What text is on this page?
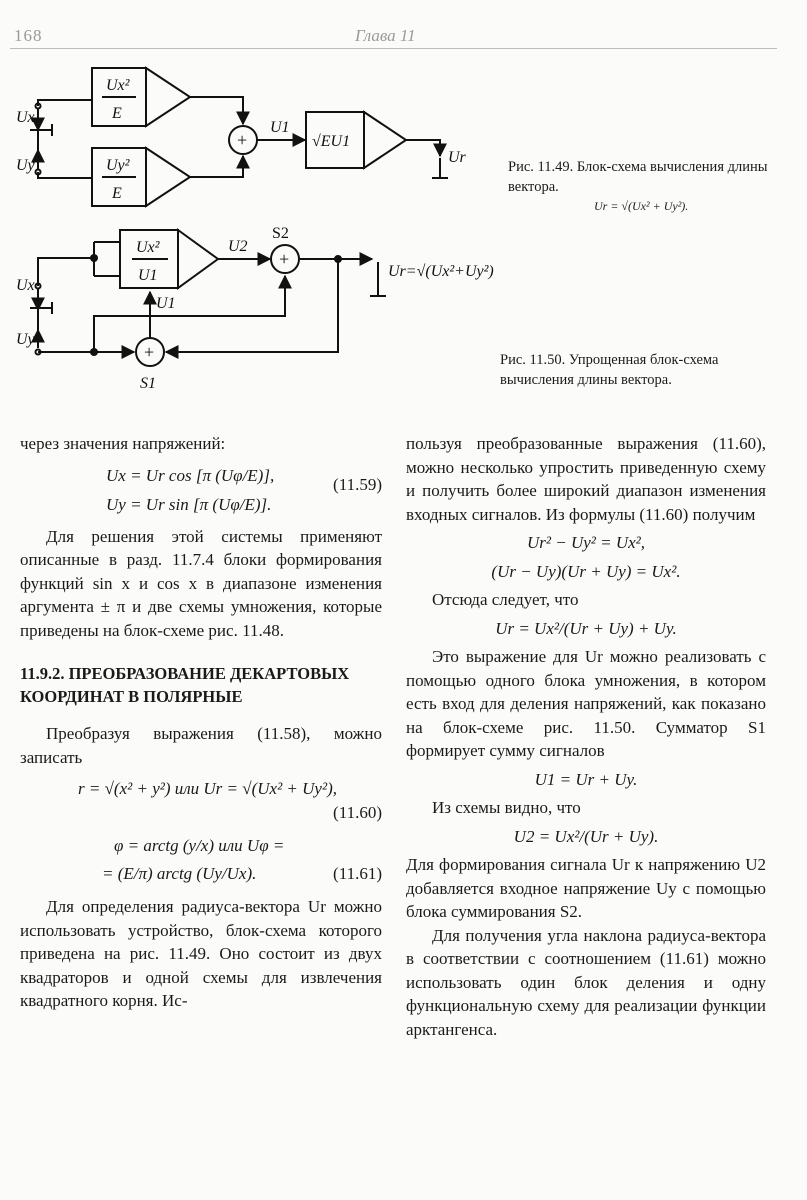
168	Глава 11
Ux
Uy
Ux²
E
Uy²
E
+
U1
√EU1
Ur
Ux
Uy
Ux²
U1
U2
S2
+
Ur=√(Ux²+Uy²)
U1
+
S1
Рис. 11.49. Блок-схема вычисления длины вектора.
Ur = √(Ux² + Uy²).
Рис. 11.50. Упрощенная блок-схема вычисления длины вектора.

через значения напряжений:

Ux = Ur cos [π (Uφ/E)],
Uy = Ur sin [π (Uφ/E)].
(11.59)

Для решения этой системы применяют описанные в разд. 11.7.4 блоки формирования функций sin x и cos x в диапазоне изменения аргумента ± π и две схемы умножения, которые приведены на блок-схеме рис. 11.48.

11.9.2. ПРЕОБРАЗОВАНИЕ ДЕКАРТОВЫХ КООРДИНАТ В ПОЛЯРНЫЕ

Преобразуя выражения (11.58), можно записать

r = √(x² + y²) или Ur = √(Ux² + Uy²),
(11.60)
φ = arctg (y/x) или Uφ =
= (E/π) arctg (Uy/Ux).	(11.61)

Для определения радиуса-вектора Ur можно использовать устройство, блок-схема которого приведена на рис. 11.49. Оно состоит из двух квадраторов и одной схемы для извлечения квадратного корня. Ис-

пользуя преобразованные выражения (11.60), можно несколько упростить приведенную схему и получить более широкий диапазон изменения входных сигналов. Из формулы (11.60) получим

Ur² − Uy² = Ux²,
(Ur − Uy)(Ur + Uy) = Ux².

Отсюда следует, что

Ur = Ux²/(Ur + Uy) + Uy.

Это выражение для Ur можно реализовать с помощью одного блока умножения, в котором есть вход для деления напряжений, как показано на блок-схеме рис. 11.50. Сумматор S1 формирует сумму сигналов

U1 = Ur + Uy.

Из схемы видно, что

U2 = Ux²/(Ur + Uy).

Для формирования сигнала Ur к напряжению U2 добавляется входное напряжение Uy с помощью блока суммирования S2.

Для получения угла наклона радиуса-вектора в соответствии с соотношением (11.61) можно использовать один блок деления и одну функциональную схему для реализации функции арктангенса.
